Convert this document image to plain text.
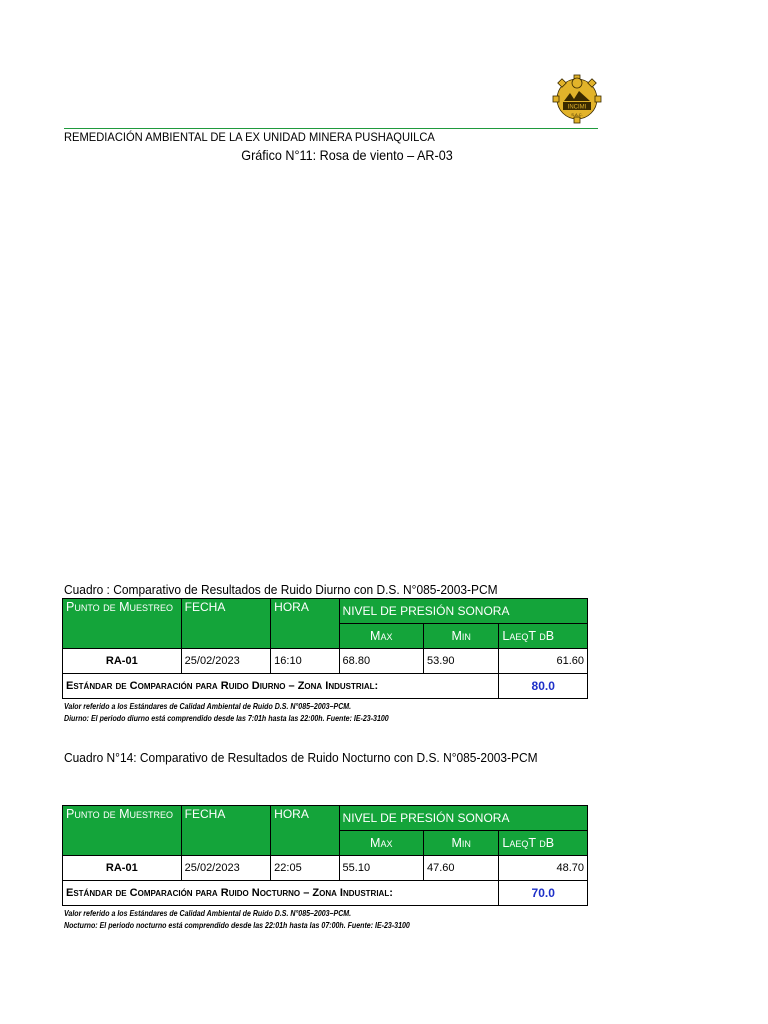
INCIMI
S.A.C.
REMEDIACIÓN AMBIENTAL DE LA EX UNIDAD MINERA PUSHAQUILCA
Gráfico N°11: Rosa de viento – AR-03
Cuadro : Comparativo de Resultados de Ruido Diurno con D.S. N°085-2003-PCM
Punto de Muestreo	FECHA	HORA	NIVEL DE PRESIÓN SONORA		
			Max	Min	LaeqT dB
RA-01	25/02/2023	16:10	68.80	53.90	61.60
Estándar de Comparación para Ruido Diurno – Zona Industrial:					80.0
Valor referido a los Estándares de Calidad Ambiental de Ruido D.S. N°085–2003–PCM.
Diurno: El periodo diurno está comprendido desde las 7:01h hasta las 22:00h. Fuente: IE-23-3100
Cuadro N°14: Comparativo de Resultados de Ruido Nocturno con D.S. N°085-2003-PCM
Punto de Muestreo	FECHA	HORA	NIVEL DE PRESIÓN SONORA		
			Max	Min	LaeqT dB
RA-01	25/02/2023	22:05	55.10	47.60	48.70
Estándar de Comparación para Ruido Nocturno – Zona Industrial:					70.0
Valor referido a los Estándares de Calidad Ambiental de Ruido D.S. N°085–2003–PCM.
Nocturno: El periodo nocturno está comprendido desde las 22:01h hasta las 07:00h. Fuente: IE-23-3100
